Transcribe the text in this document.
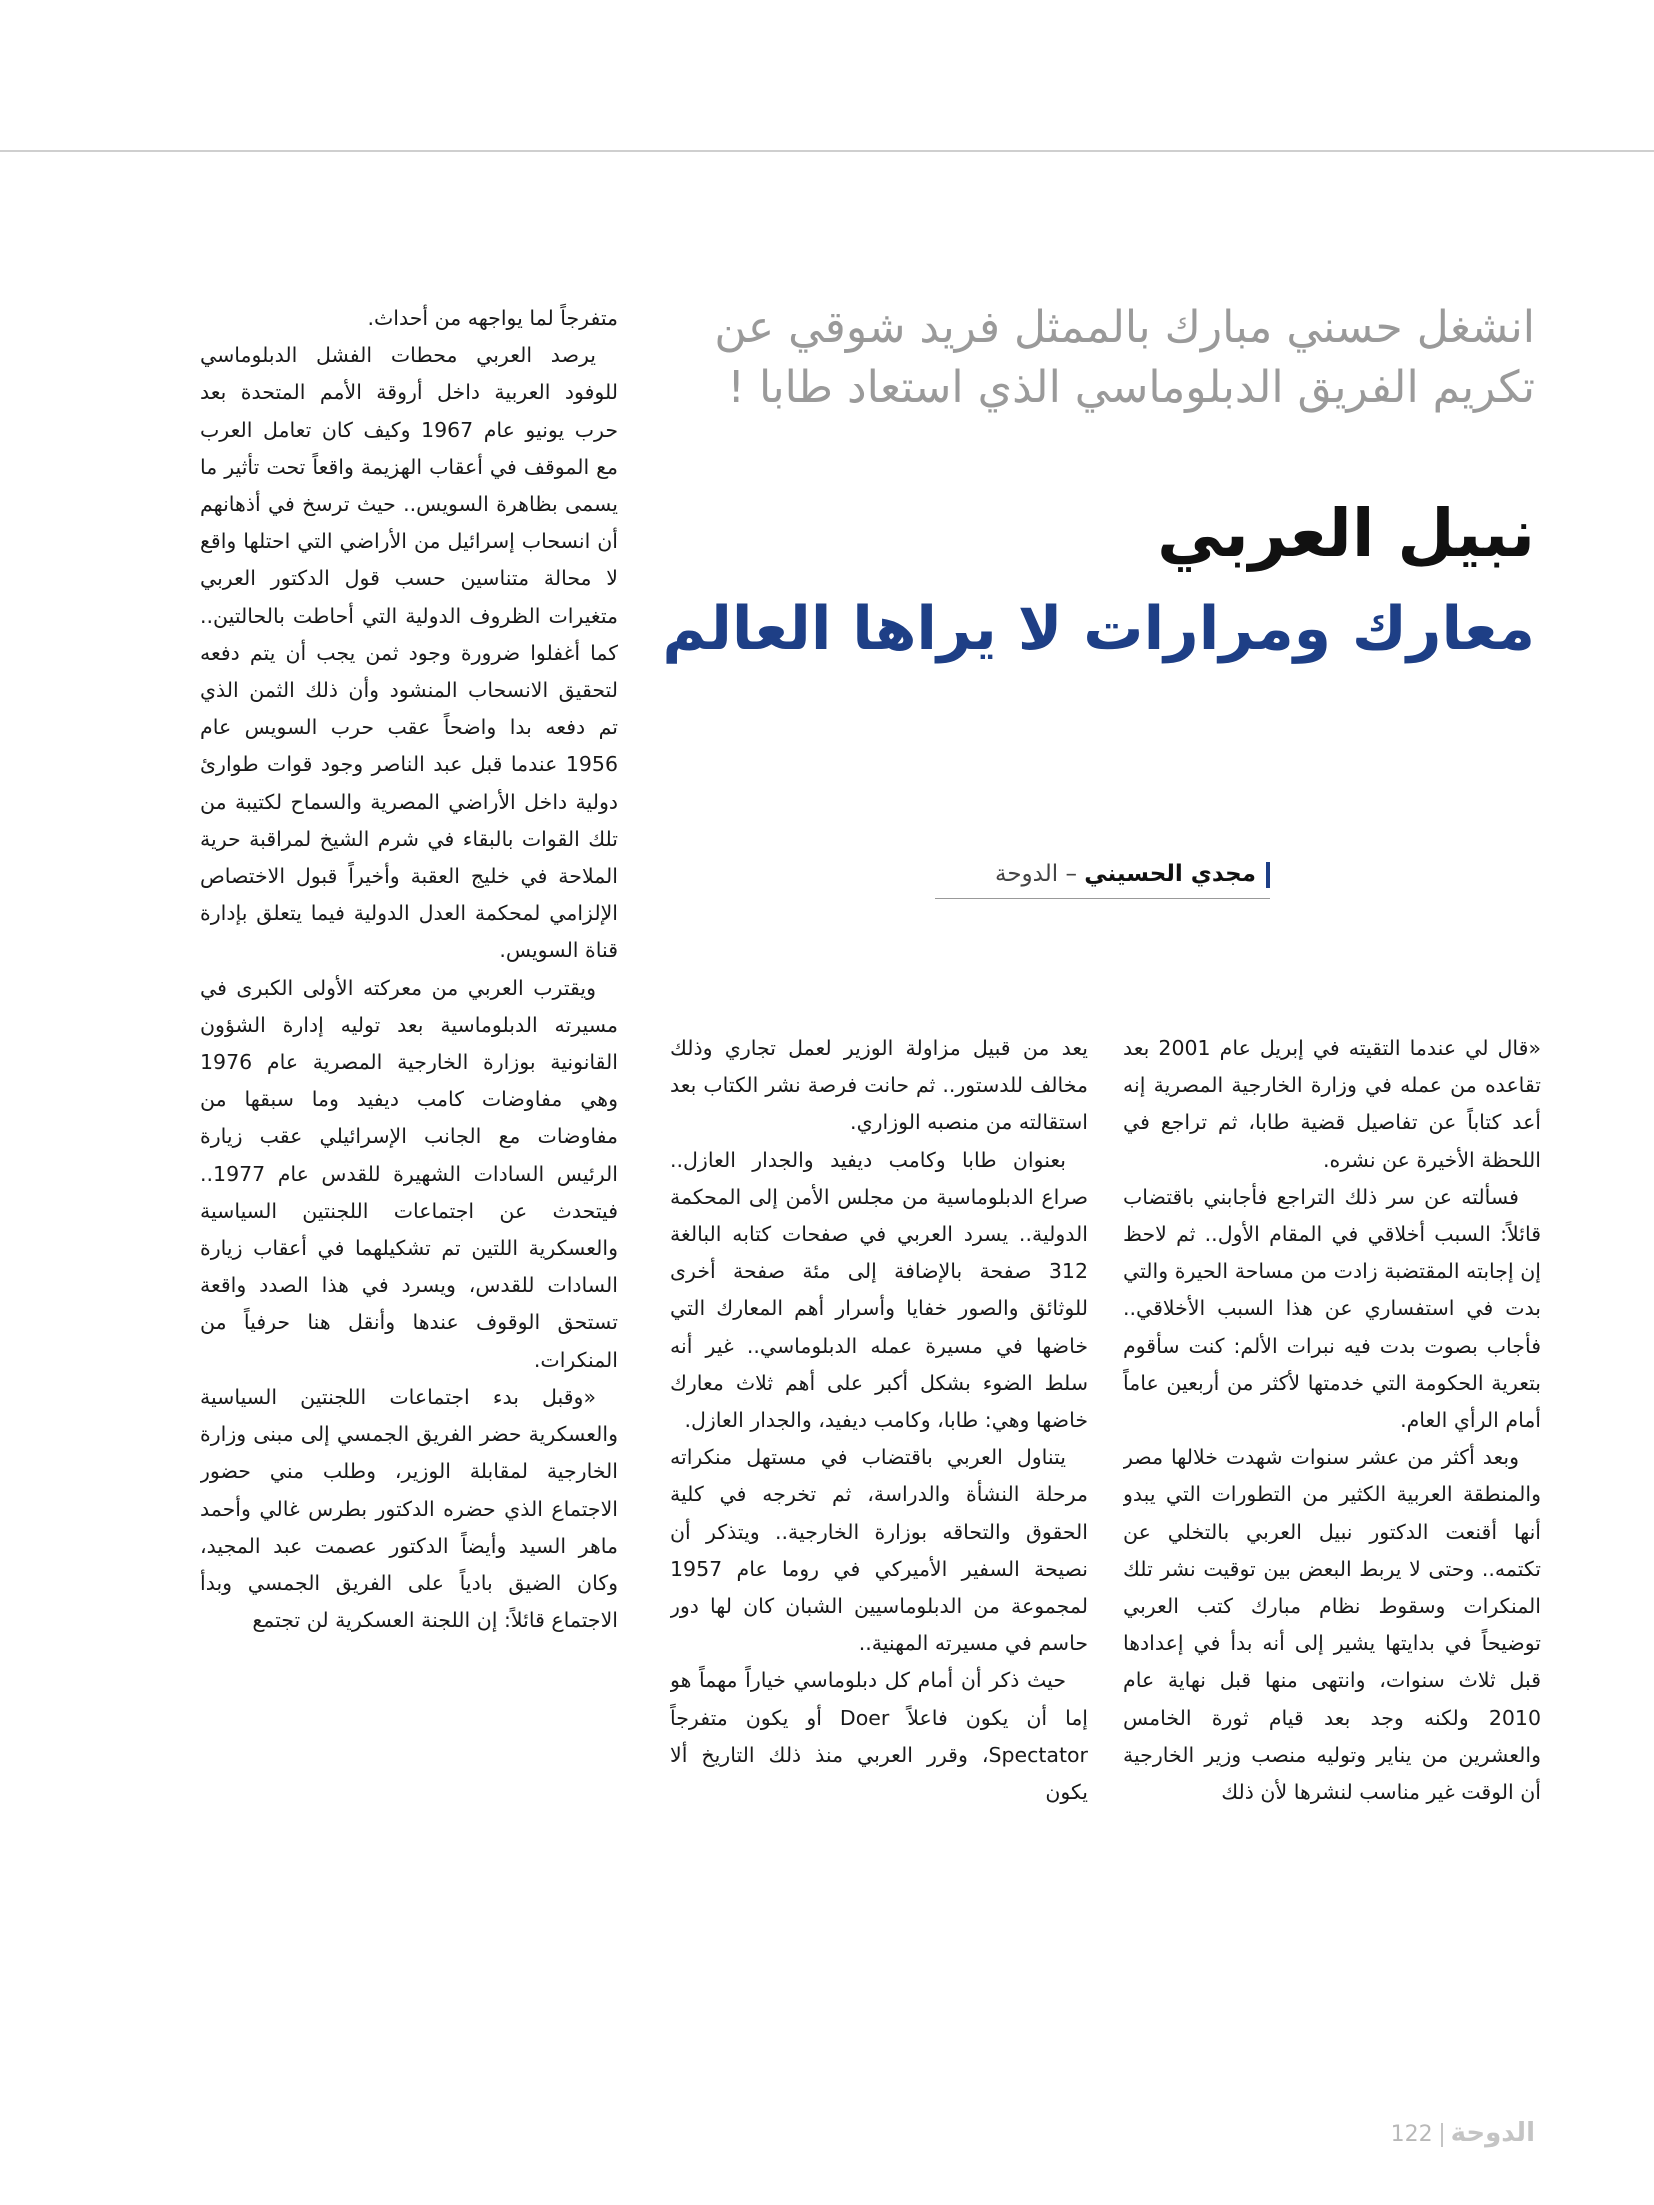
انشغل حسني مبارك بالممثل فريد شوقي عن تكريم الفريق الدبلوماسي الذي استعاد طابا !
نبيل العربي
معارك ومرارات لا يراها العالم
مجدي الحسيني – الدوحة

«قال لي عندما التقيته في إبريل عام 2001 بعد تقاعده من عمله في وزارة الخارجية المصرية إنه أعد كتاباً عن تفاصيل قضية طابا، ثم تراجع في اللحظة الأخيرة عن نشره.

فسألته عن سر ذلك التراجع فأجابني باقتضاب قائلاً: السبب أخلاقي في المقام الأول.. ثم لاحظ إن إجابته المقتضبة زادت من مساحة الحيرة والتي بدت في استفساري عن هذا السبب الأخلاقي.. فأجاب بصوت بدت فيه نبرات الألم: كنت سأقوم بتعرية الحكومة التي خدمتها لأكثر من أربعين عاماً أمام الرأي العام.

وبعد أكثر من عشر سنوات شهدت خلالها مصر والمنطقة العربية الكثير من التطورات التي يبدو أنها أقنعت الدكتور نبيل العربي بالتخلي عن تكتمه.. وحتى لا يربط البعض بين توقيت نشر تلك المنكرات وسقوط نظام مبارك كتب العربي توضيحاً في بدايتها يشير إلى أنه بدأ في إعدادها قبل ثلاث سنوات، وانتهى منها قبل نهاية عام 2010 ولكنه وجد بعد قيام ثورة الخامس والعشرين من يناير وتوليه منصب وزير الخارجية أن الوقت غير مناسب لنشرها لأن ذلك

يعد من قبيل مزاولة الوزير لعمل تجاري وذلك مخالف للدستور.. ثم حانت فرصة نشر الكتاب بعد استقالته من منصبه الوزاري.

بعنوان طابا وكامب ديفيد والجدار العازل.. صراع الدبلوماسية من مجلس الأمن إلى المحكمة الدولية.. يسرد العربي في صفحات كتابه البالغة 312 صفحة بالإضافة إلى مئة صفحة أخرى للوثائق والصور خفايا وأسرار أهم المعارك التي خاضها في مسيرة عمله الدبلوماسي.. غير أنه سلط الضوء بشكل أكبر على أهم ثلاث معارك خاضها وهي: طابا، وكامب ديفيد، والجدار العازل.

يتناول العربي باقتضاب في مستهل منكراته مرحلة النشأة والدراسة، ثم تخرجه في كلية الحقوق والتحاقه بوزارة الخارجية.. ويتذكر أن نصيحة السفير الأميركي في روما عام 1957 لمجموعة من الدبلوماسيين الشبان كان لها دور حاسم في مسيرته المهنية..

حيث ذكر أن أمام كل دبلوماسي خياراً مهماً هو إما أن يكون فاعلاً Doer أو يكون متفرجاً Spectator، وقرر العربي منذ ذلك التاريخ ألا يكون

متفرجاً لما يواجهه من أحداث.

يرصد العربي محطات الفشل الدبلوماسي للوفود العربية داخل أروقة الأمم المتحدة بعد حرب يونيو عام 1967 وكيف كان تعامل العرب مع الموقف في أعقاب الهزيمة واقعاً تحت تأثير ما يسمى بظاهرة السويس.. حيث ترسخ في أذهانهم أن انسحاب إسرائيل من الأراضي التي احتلها واقع لا محالة متناسين حسب قول الدكتور العربي متغيرات الظروف الدولية التي أحاطت بالحالتين.. كما أغفلوا ضرورة وجود ثمن يجب أن يتم دفعه لتحقيق الانسحاب المنشود وأن ذلك الثمن الذي تم دفعه بدا واضحاً عقب حرب السويس عام 1956 عندما قبل عبد الناصر وجود قوات طوارئ دولية داخل الأراضي المصرية والسماح لكتيبة من تلك القوات بالبقاء في شرم الشيخ لمراقبة حرية الملاحة في خليج العقبة وأخيراً قبول الاختصاص الإلزامي لمحكمة العدل الدولية فيما يتعلق بإدارة قناة السويس.

ويقترب العربي من معركته الأولى الكبرى في مسيرته الدبلوماسية بعد توليه إدارة الشؤون القانونية بوزارة الخارجية المصرية عام 1976 وهي مفاوضات كامب ديفيد وما سبقها من مفاوضات مع الجانب الإسرائيلي عقب زيارة الرئيس السادات الشهيرة للقدس عام 1977.. فيتحدث عن اجتماعات اللجنتين السياسية والعسكرية اللتين تم تشكيلهما في أعقاب زيارة السادات للقدس، ويسرد في هذا الصدد واقعة تستحق الوقوف عندها وأنقل هنا حرفياً من المنكرات.

«وقبل بدء اجتماعات اللجنتين السياسية والعسكرية حضر الفريق الجمسي إلى مبنى وزارة الخارجية لمقابلة الوزير، وطلب مني حضور الاجتماع الذي حضره الدكتور بطرس غالي وأحمد ماهر السيد وأيضاً الدكتور عصمت عبد المجيد، وكان الضيق بادياً على الفريق الجمسي وبدأ الاجتماع قائلاً: إن اللجنة العسكرية لن تجتمع

الدوحة122
